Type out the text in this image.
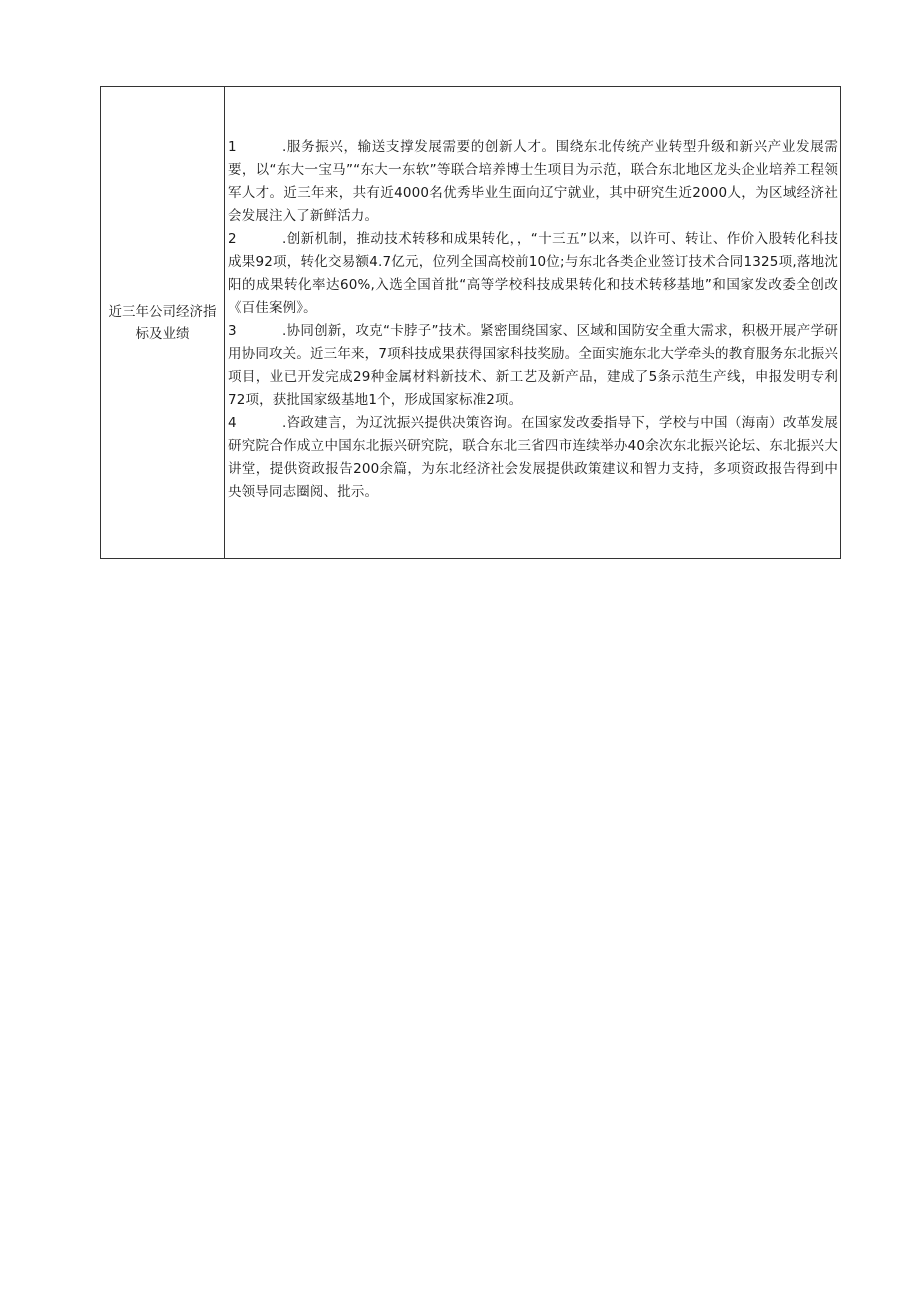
近三年公司经济指标及业绩

1	.服务振兴，输送支撑发展需要的创新人才。围绕东北传统产业转型升级和新兴产业发展需要，以“东大一宝马”“东大一东软”等联合培养博士生项目为示范，联合东北地区龙头企业培养工程领军人才。近三年来，共有近4000名优秀毕业生面向辽宁就业，其中研究生近2000人，为区域经济社会发展注入了新鲜活力。

2	.创新机制，推动技术转移和成果转化，，“十三五”以来，以许可、转让、作价入股转化科技成果92项，转化交易额4.7亿元，位列全国高校前10位;与东北各类企业签订技术合同1325项,落地沈阳的成果转化率达60%,入选全国首批“高等学校科技成果转化和技术转移基地”和国家发改委全创改《百佳案例》。

3	.协同创新，攻克“卡脖子”技术。紧密围绕国家、区域和国防安全重大需求，积极开展产学研用协同攻关。近三年来，7项科技成果获得国家科技奖励。全面实施东北大学牵头的教育服务东北振兴项目，业已开发完成29种金属材料新技术、新工艺及新产品，建成了5条示范生产线，申报发明专利72项，获批国家级基地1个，形成国家标准2项。

4	.咨政建言，为辽沈振兴提供决策咨询。在国家发改委指导下，学校与中国（海南）改革发展研究院合作成立中国东北振兴研究院，联合东北三省四市连续举办40余次东北振兴论坛、东北振兴大讲堂，提供资政报告200余篇，为东北经济社会发展提供政策建议和智力支持，多项资政报告得到中央领导同志圈阅、批示。
